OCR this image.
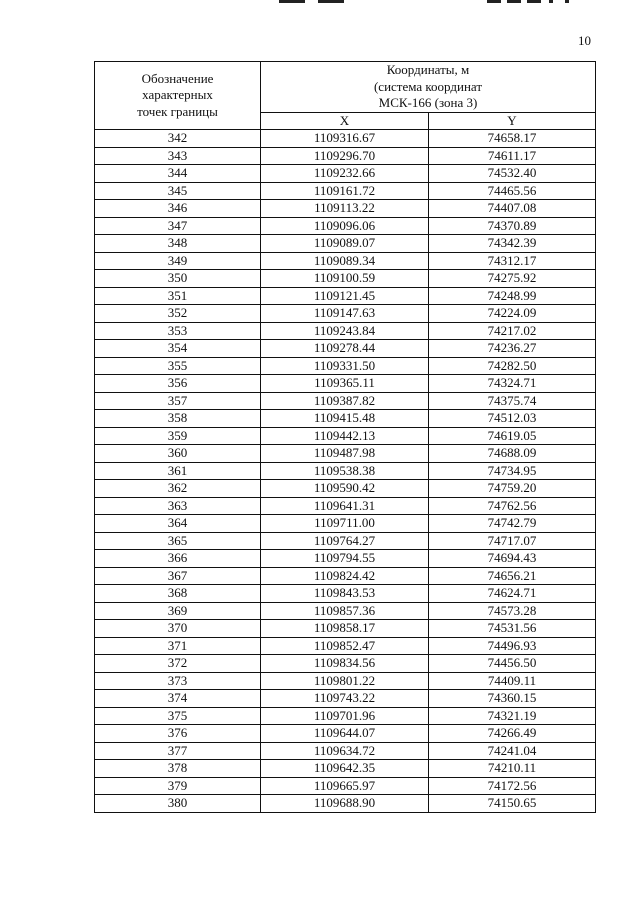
10
Обозначение
характерных
точек границы	Координаты, м
(система координат
МСК-166 (зона 3)	

	X	Y
342	1109316.67	74658.17
343	1109296.70	74611.17
344	1109232.66	74532.40
345	1109161.72	74465.56
346	1109113.22	74407.08
347	1109096.06	74370.89
348	1109089.07	74342.39
349	1109089.34	74312.17
350	1109100.59	74275.92
351	1109121.45	74248.99
352	1109147.63	74224.09
353	1109243.84	74217.02
354	1109278.44	74236.27
355	1109331.50	74282.50
356	1109365.11	74324.71
357	1109387.82	74375.74
358	1109415.48	74512.03
359	1109442.13	74619.05
360	1109487.98	74688.09
361	1109538.38	74734.95
362	1109590.42	74759.20
363	1109641.31	74762.56
364	1109711.00	74742.79
365	1109764.27	74717.07
366	1109794.55	74694.43
367	1109824.42	74656.21
368	1109843.53	74624.71
369	1109857.36	74573.28
370	1109858.17	74531.56
371	1109852.47	74496.93
372	1109834.56	74456.50
373	1109801.22	74409.11
374	1109743.22	74360.15
375	1109701.96	74321.19
376	1109644.07	74266.49
377	1109634.72	74241.04
378	1109642.35	74210.11
379	1109665.97	74172.56
380	1109688.90	74150.65
